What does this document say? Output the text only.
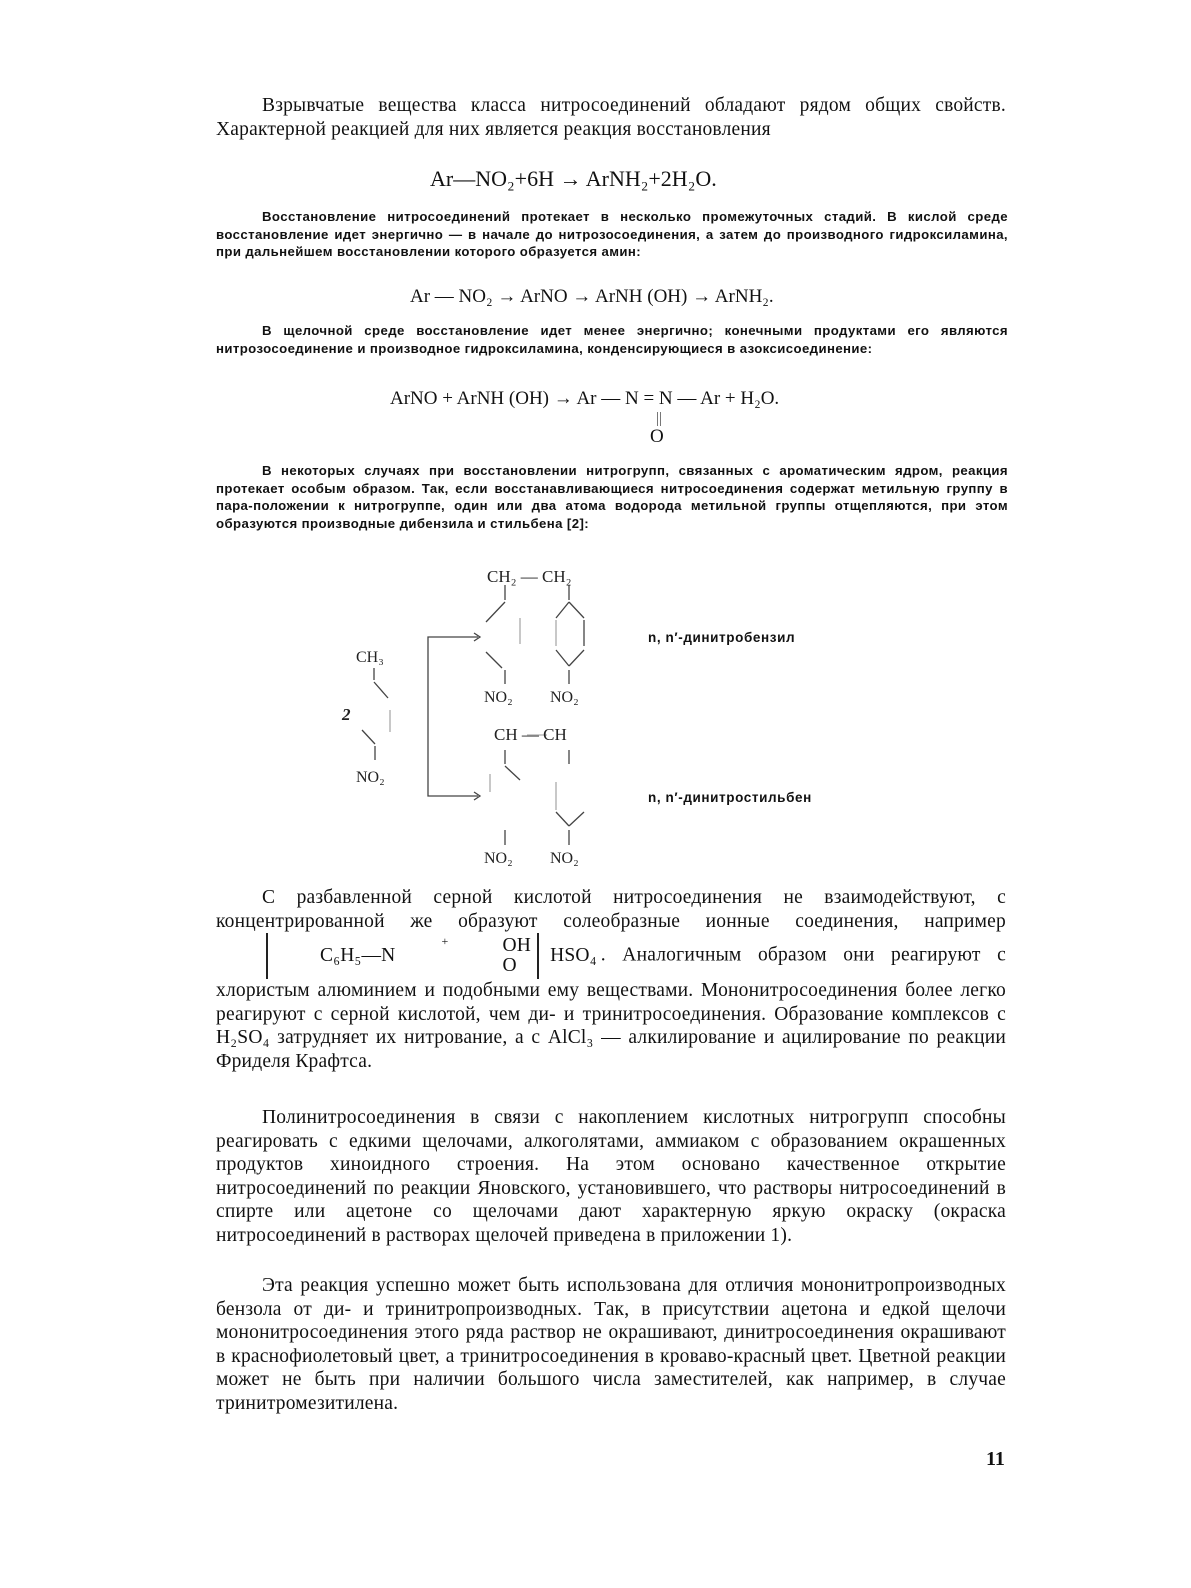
Взрывчатые вещества класса нитросоединений обладают рядом общих свойств. Характерной реакцией для них является реакция восстановления
Ar—NO₂+6H → ArNH₂+2H₂O.
Восстановление нитросоединений протекает в несколько промежуточных стадий. В кислой среде восстановление идет энергично — в начале до нитрозосоединения, а затем до производного гидроксиламина, при дальнейшем восстановлении которого образуется амин:
Ar — NO₂ → ArNO → ArNH (OH) → ArNH₂.
В щелочной среде восстановление идет менее энергично; конечными продуктами его являются нитрозосоединение и производное гидроксиламина, конденсирующиеся в азоксисоединение:
ArNO + ArNH (OH) → Ar — N = N — Ar + H₂O.
O
В некоторых случаях при восстановлении нитрогрупп, связанных с ароматическим ядром, реакция протекает особым образом. Так, если восстанавливающиеся нитросоединения содержат метильную группу в пара-положении к нитрогруппе, один или два атома водорода метильной группы отщепляются, при этом образуются производные дибензила и стильбена [2]:
CH₃
2
NO₂
CH₂ — CH₂
NO₂ NO₂
CH — CH
NO₂ NO₂
n, n′-динитробензил
n, n′-динитростильбен
С разбавленной серной кислотой нитросоединения не взаимодействуют, с концентрированной же образуют солеобразные ионные соединения, например
C₆H₅—N
+	OH
O	HSO₄ . Аналогичным образом они реагируют с хлористым алюминием и подобными ему веществами. Мононитросоединения более легко реагируют с серной кислотой, чем ди- и тринитросоединения. Образование комплексов с H₂SO₄ затрудняет их нитрование, а с AlCl₃ — алкилирование и ацилирование по реакции Фриделя Крафтса.
Полинитросоединения в связи с накоплением кислотных нитрогрупп способны реагировать с едкими щелочами, алкоголятами, аммиаком с образованием окрашенных продуктов хиноидного строения. На этом основано качественное открытие нитросоединений по реакции Яновского, установившего, что растворы нитросоединений в спирте или ацетоне со щелочами дают характерную яркую окраску (окраска нитросоединений в растворах щелочей приведена в приложении 1).
Эта реакция успешно может быть использована для отличия мононитропроизводных бензола от ди- и тринитропроизводных. Так, в присутствии ацетона и едкой щелочи мононитросоединения этого ряда раствор не окрашивают, динитросоединения окрашивают в краснофиолетовый цвет, а тринитросоединения в кроваво-красный цвет. Цветной реакции может не быть при наличии большого числа заместителей, как например, в случае тринитромезитилена.
11
